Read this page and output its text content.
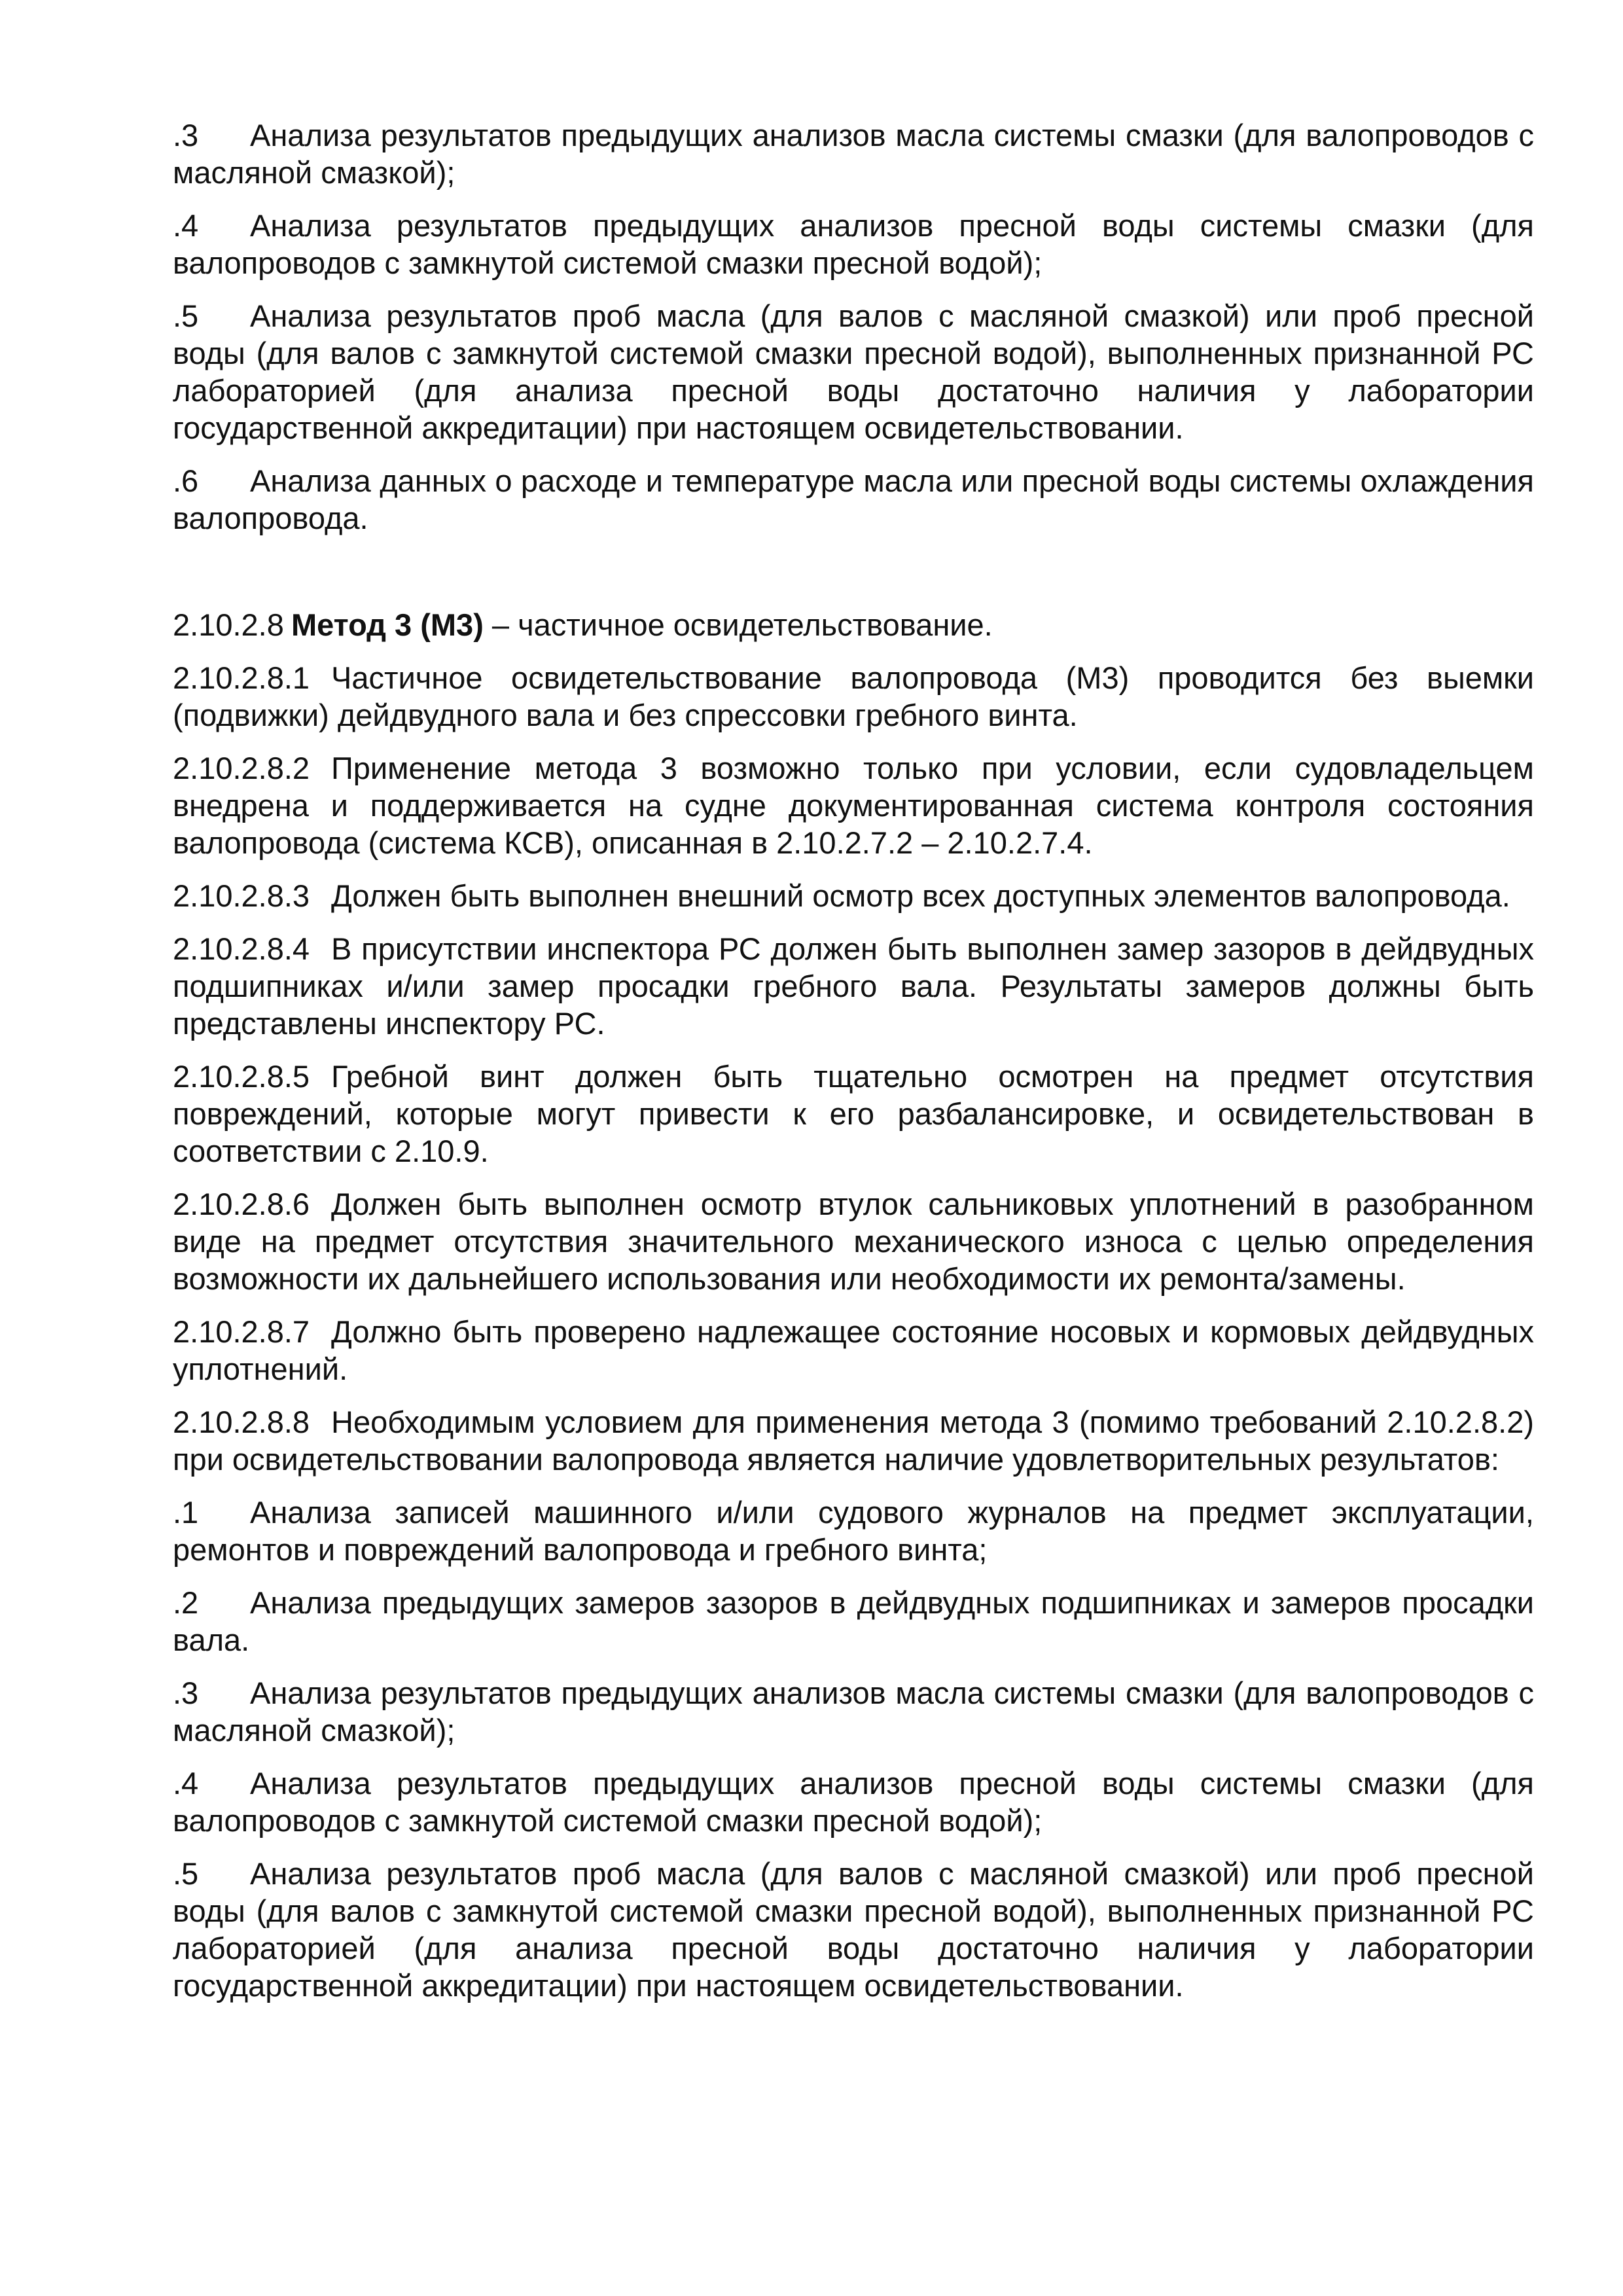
.3 Анализа результатов предыдущих анализов масла системы смазки (для валопроводов с масляной смазкой);

.4 Анализа результатов предыдущих анализов пресной воды системы смазки (для валопроводов с замкнутой системой смазки пресной водой);

.5 Анализа результатов проб масла (для валов с масляной смазкой) или проб пресной воды (для валов с замкнутой системой смазки пресной водой), выполненных признанной РС лабораторией (для анализа пресной воды достаточно наличия у лаборатории государственной аккредитации) при настоящем освидетельствовании.

.6 Анализа данных о расходе и температуре масла или пресной воды системы охлаждения валопровода.

2.10.2.8 Метод 3 (М3) – частичное освидетельствование.

2.10.2.8.1 Частичное освидетельствование валопровода (М3) проводится без выемки (подвижки) дейдвудного вала и без спрессовки гребного винта.

2.10.2.8.2 Применение метода 3 возможно только при условии, если судовладельцем внедрена и поддерживается на судне документированная система контроля состояния валопровода (система КСВ), описанная в 2.10.2.7.2 – 2.10.2.7.4.

2.10.2.8.3 Должен быть выполнен внешний осмотр всех доступных элементов валопровода.

2.10.2.8.4 В присутствии инспектора РС должен быть выполнен замер зазоров в дейдвудных подшипниках и/или замер просадки гребного вала. Результаты замеров должны быть представлены инспектору РС.

2.10.2.8.5 Гребной винт должен быть тщательно осмотрен на предмет отсутствия повреждений, которые могут привести к его разбалансировке, и освидетельствован в соответствии с 2.10.9.

2.10.2.8.6 Должен быть выполнен осмотр втулок сальниковых уплотнений в разобранном виде на предмет отсутствия значительного механического износа с целью определения возможности их дальнейшего использования или необходимости их ремонта/замены.

2.10.2.8.7 Должно быть проверено надлежащее состояние носовых и кормовых дейдвудных уплотнений.

2.10.2.8.8 Необходимым условием для применения метода 3 (помимо требований 2.10.2.8.2) при освидетельствовании валопровода является наличие удовлетворительных результатов:

.1 Анализа записей машинного и/или судового журналов на предмет эксплуатации, ремонтов и повреждений валопровода и гребного винта;

.2 Анализа предыдущих замеров зазоров в дейдвудных подшипниках и замеров просадки вала.

.3 Анализа результатов предыдущих анализов масла системы смазки (для валопроводов с масляной смазкой);

.4 Анализа результатов предыдущих анализов пресной воды системы смазки (для валопроводов с замкнутой системой смазки пресной водой);

.5 Анализа результатов проб масла (для валов с масляной смазкой) или проб пресной воды (для валов с замкнутой системой смазки пресной водой), выполненных признанной РС лабораторией (для анализа пресной воды достаточно наличия у лаборатории государственной аккредитации) при настоящем освидетельствовании.
